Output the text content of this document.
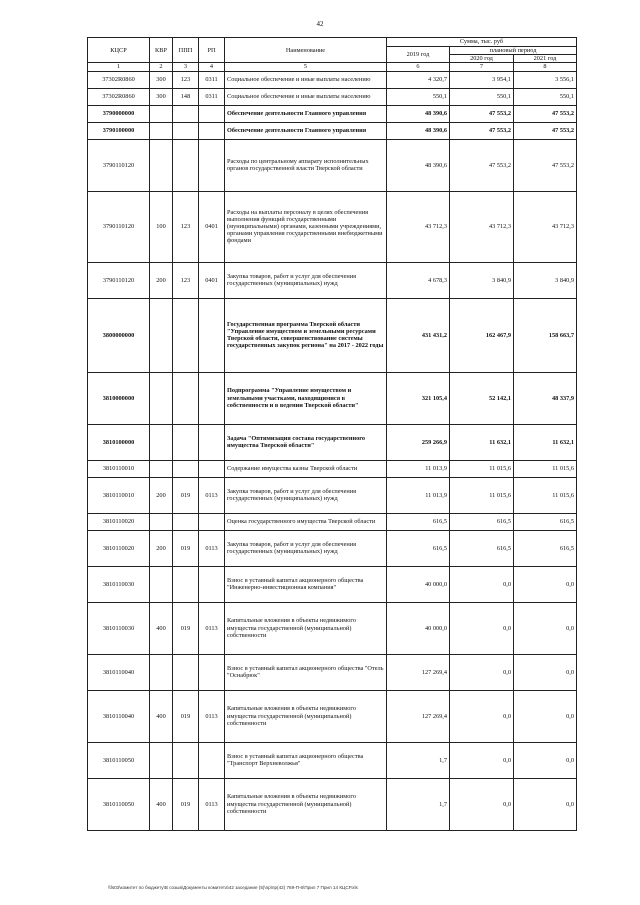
42
КЦСР	КВР	ППП	РП	Наименование	Сумма, тыс. руб		
					2019 год	плановый период	
						2020 год	2021 год
1	2	3	4	5	6	7	8
37302R0860	300	123	0311	Социальное обеспечение и иные выплаты населению	4 320,7	3 954,1	3 556,1
37302R0860	300	148	0311	Социальное обеспечение и иные выплаты населению	550,1	550,1	550,1
3790000000				Обеспечение деятельности Главного управления	48 390,6	47 553,2	47 553,2
3790100000				Обеспечение деятельности Главного управления	48 390,6	47 553,2	47 553,2
3790110120				Расходы по центральному аппарату исполнительных органов государственной власти Тверской области	48 390,6	47 553,2	47 553,2
3790110120	100	123	0401	Расходы на выплаты персоналу в целях обеспечения выполнения функций государственными (муниципальными) органами, казенными учреждениями, органами управления государственными внебюджетными фондами	43 712,3	43 712,3	43 712,3
3790110120	200	123	0401	Закупка товаров, работ и услуг для обеспечения государственных (муниципальных) нужд	4 678,3	3 840,9	3 840,9
3800000000				Государственная программа Тверской области "Управление имуществом и земельными ресурсами Тверской области, совершенствование системы государственных закупок региона" на 2017 - 2022 годы	431 431,2	162 467,9	158 663,7
3810000000				Подпрограмма "Управление имуществом и земельными участками, находящимися в собственности и в ведении Тверской области"	321 105,4	52 142,1	48 337,9
3810100000				Задача "Оптимизация состава государственного имущества Тверской области"	259 266,9	11 632,1	11 632,1
3810110010				Содержание имущества казны Тверской области	11 013,9	11 015,6	11 015,6
3810110010	200	019	0113	Закупка товаров, работ и услуг для обеспечения государственных (муниципальных) нужд	11 013,9	11 015,6	11 015,6
3810110020				Оценка государственного имущества Тверской области	616,5	616,5	616,5
3810110020	200	019	0113	Закупка товаров, работ и услуг для обеспечения государственных (муниципальных) нужд	616,5	616,5	616,5
3810110030				Взнос в уставный капитал акционерного общества "Инженерно-инвестиционная компания"	40 000,0	0,0	0,0
3810110030	400	019	0113	Капитальные вложения в объекты недвижимого имущества государственной (муниципальной) собственности	40 000,0	0,0	0,0
3810110040				Взнос в уставный капитал акционерного общества "Отель "Оснабрюк"	127 269,4	0,0	0,0
3810110040	400	019	0113	Капитальные вложения в объекты недвижимого имущества государственной (муниципальной) собственности	127 269,4	0,0	0,0
3810110050				Взнос в уставный капитал акционерного общества "Транспорт Верхневолжья"	1,7	0,0	0,0
3810110050	400	019	0113	Капитальные вложения в объекты недвижимого имущества государственной (муниципальной) собственности	1,7	0,0	0,0
\\fs03\комитет по бюджету\В созыв\Документы комитета\42 заседание (5)\пр\пр(42) 769-П-6\Прил 7 Прил 14 КЦСР.xls
